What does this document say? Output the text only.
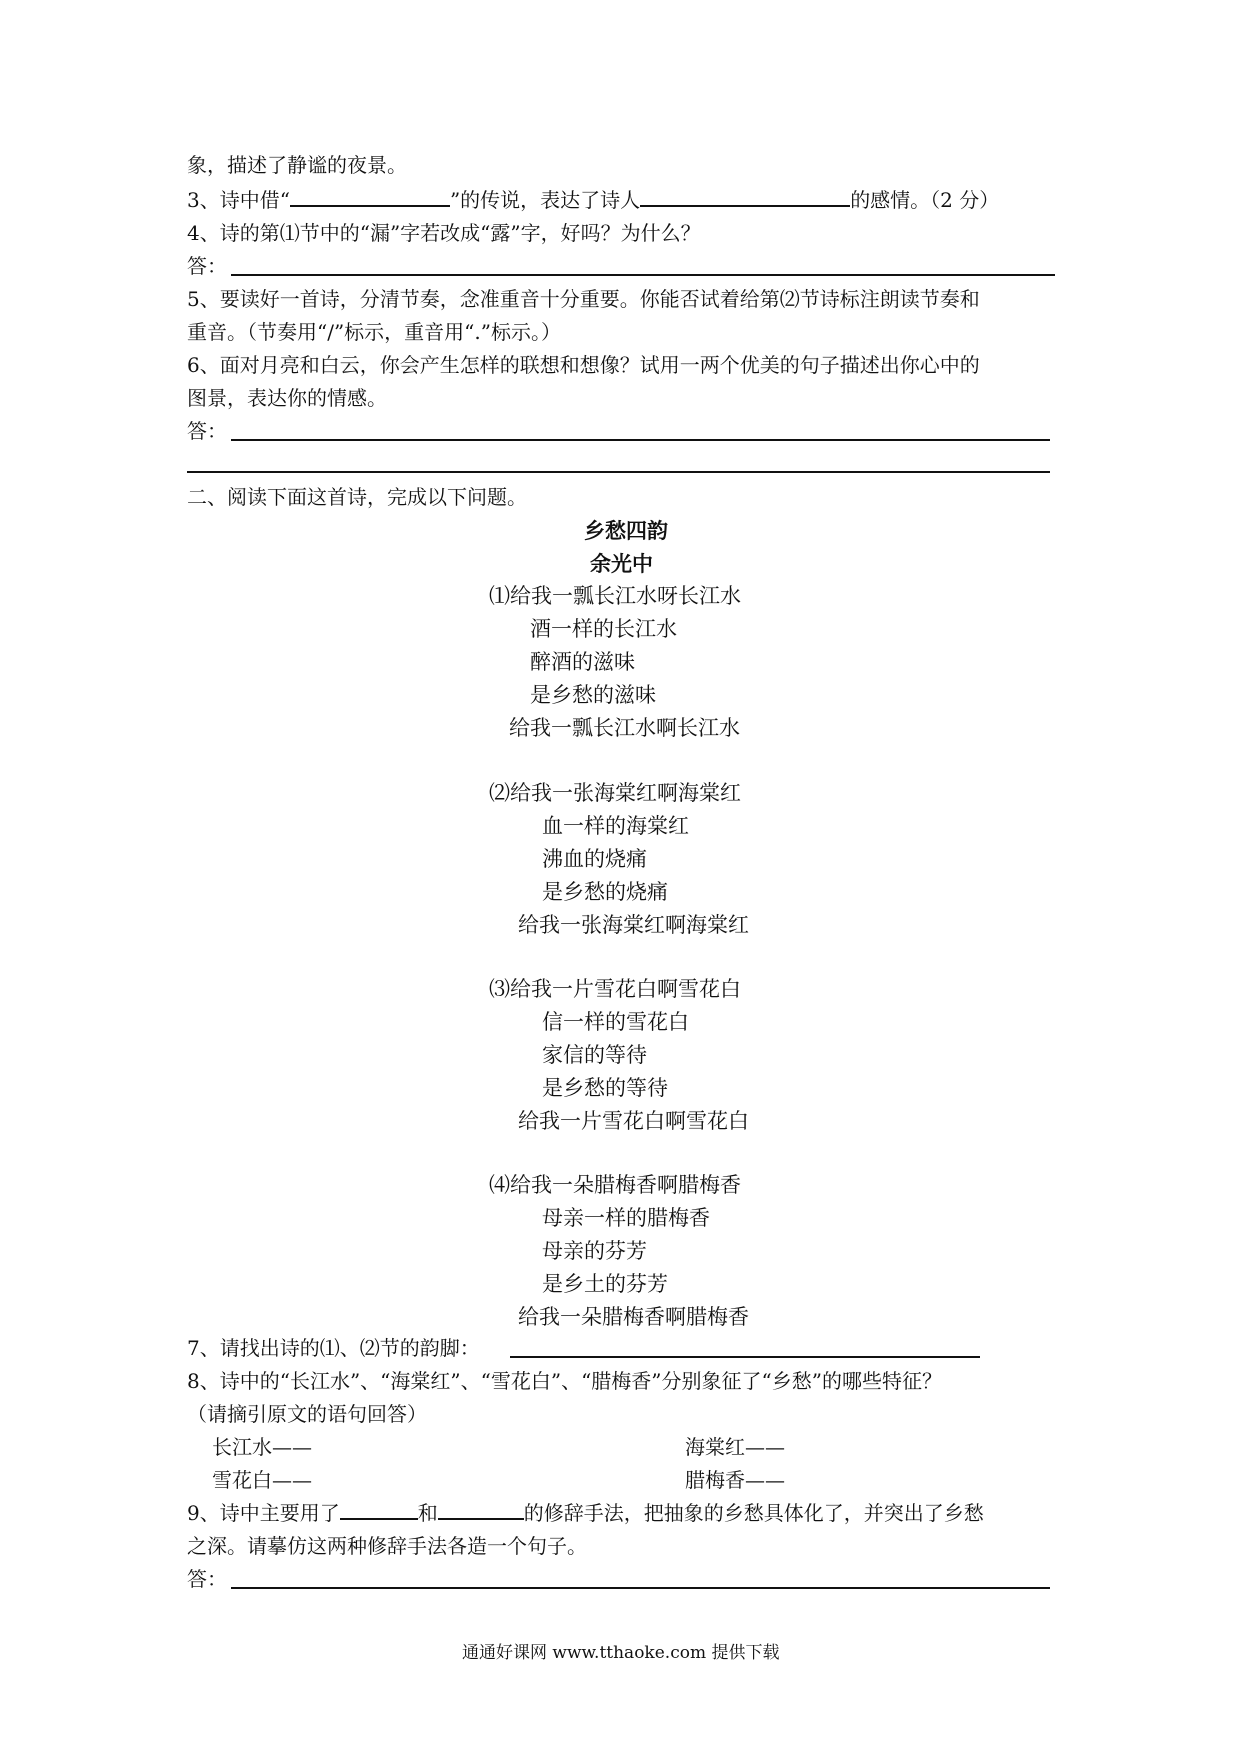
象，描述了静谧的夜景。
3、诗中借“	”的传说，表达了诗人	的感情。（2 分）
4、诗的第⑴节中的“漏”字若改成“露”字，好吗？为什么？
答：
5、要读好一首诗，分清节奏，念准重音十分重要。你能否试着给第⑵节诗标注朗读节奏和
重音。（节奏用“/”标示，重音用“.”标示。）
6、面对月亮和白云，你会产生怎样的联想和想像？试用一两个优美的句子描述出你心中的
图景，表达你的情感。
答：
二、阅读下面这首诗，完成以下问题。
乡愁四韵
余光中
⑴给我一瓢长江水呀长江水
酒一样的长江水
醉酒的滋味
是乡愁的滋味
给我一瓢长江水啊长江水
⑵给我一张海棠红啊海棠红
血一样的海棠红
沸血的烧痛
是乡愁的烧痛
给我一张海棠红啊海棠红
⑶给我一片雪花白啊雪花白
信一样的雪花白
家信的等待
是乡愁的等待
给我一片雪花白啊雪花白
⑷给我一朵腊梅香啊腊梅香
母亲一样的腊梅香
母亲的芬芳
是乡土的芬芳
给我一朵腊梅香啊腊梅香
7、请找出诗的⑴、⑵节的韵脚：
8、诗中的“长江水”、“海棠红”、“雪花白”、“腊梅香”分别象征了“乡愁”的哪些特征？
（请摘引原文的语句回答）
长江水——	海棠红——
雪花白——	腊梅香——
9、诗中主要用了	和	的修辞手法，把抽象的乡愁具体化了，并突出了乡愁
之深。请摹仿这两种修辞手法各造一个句子。
答：
通通好课网 www.tthaoke.com 提供下载
